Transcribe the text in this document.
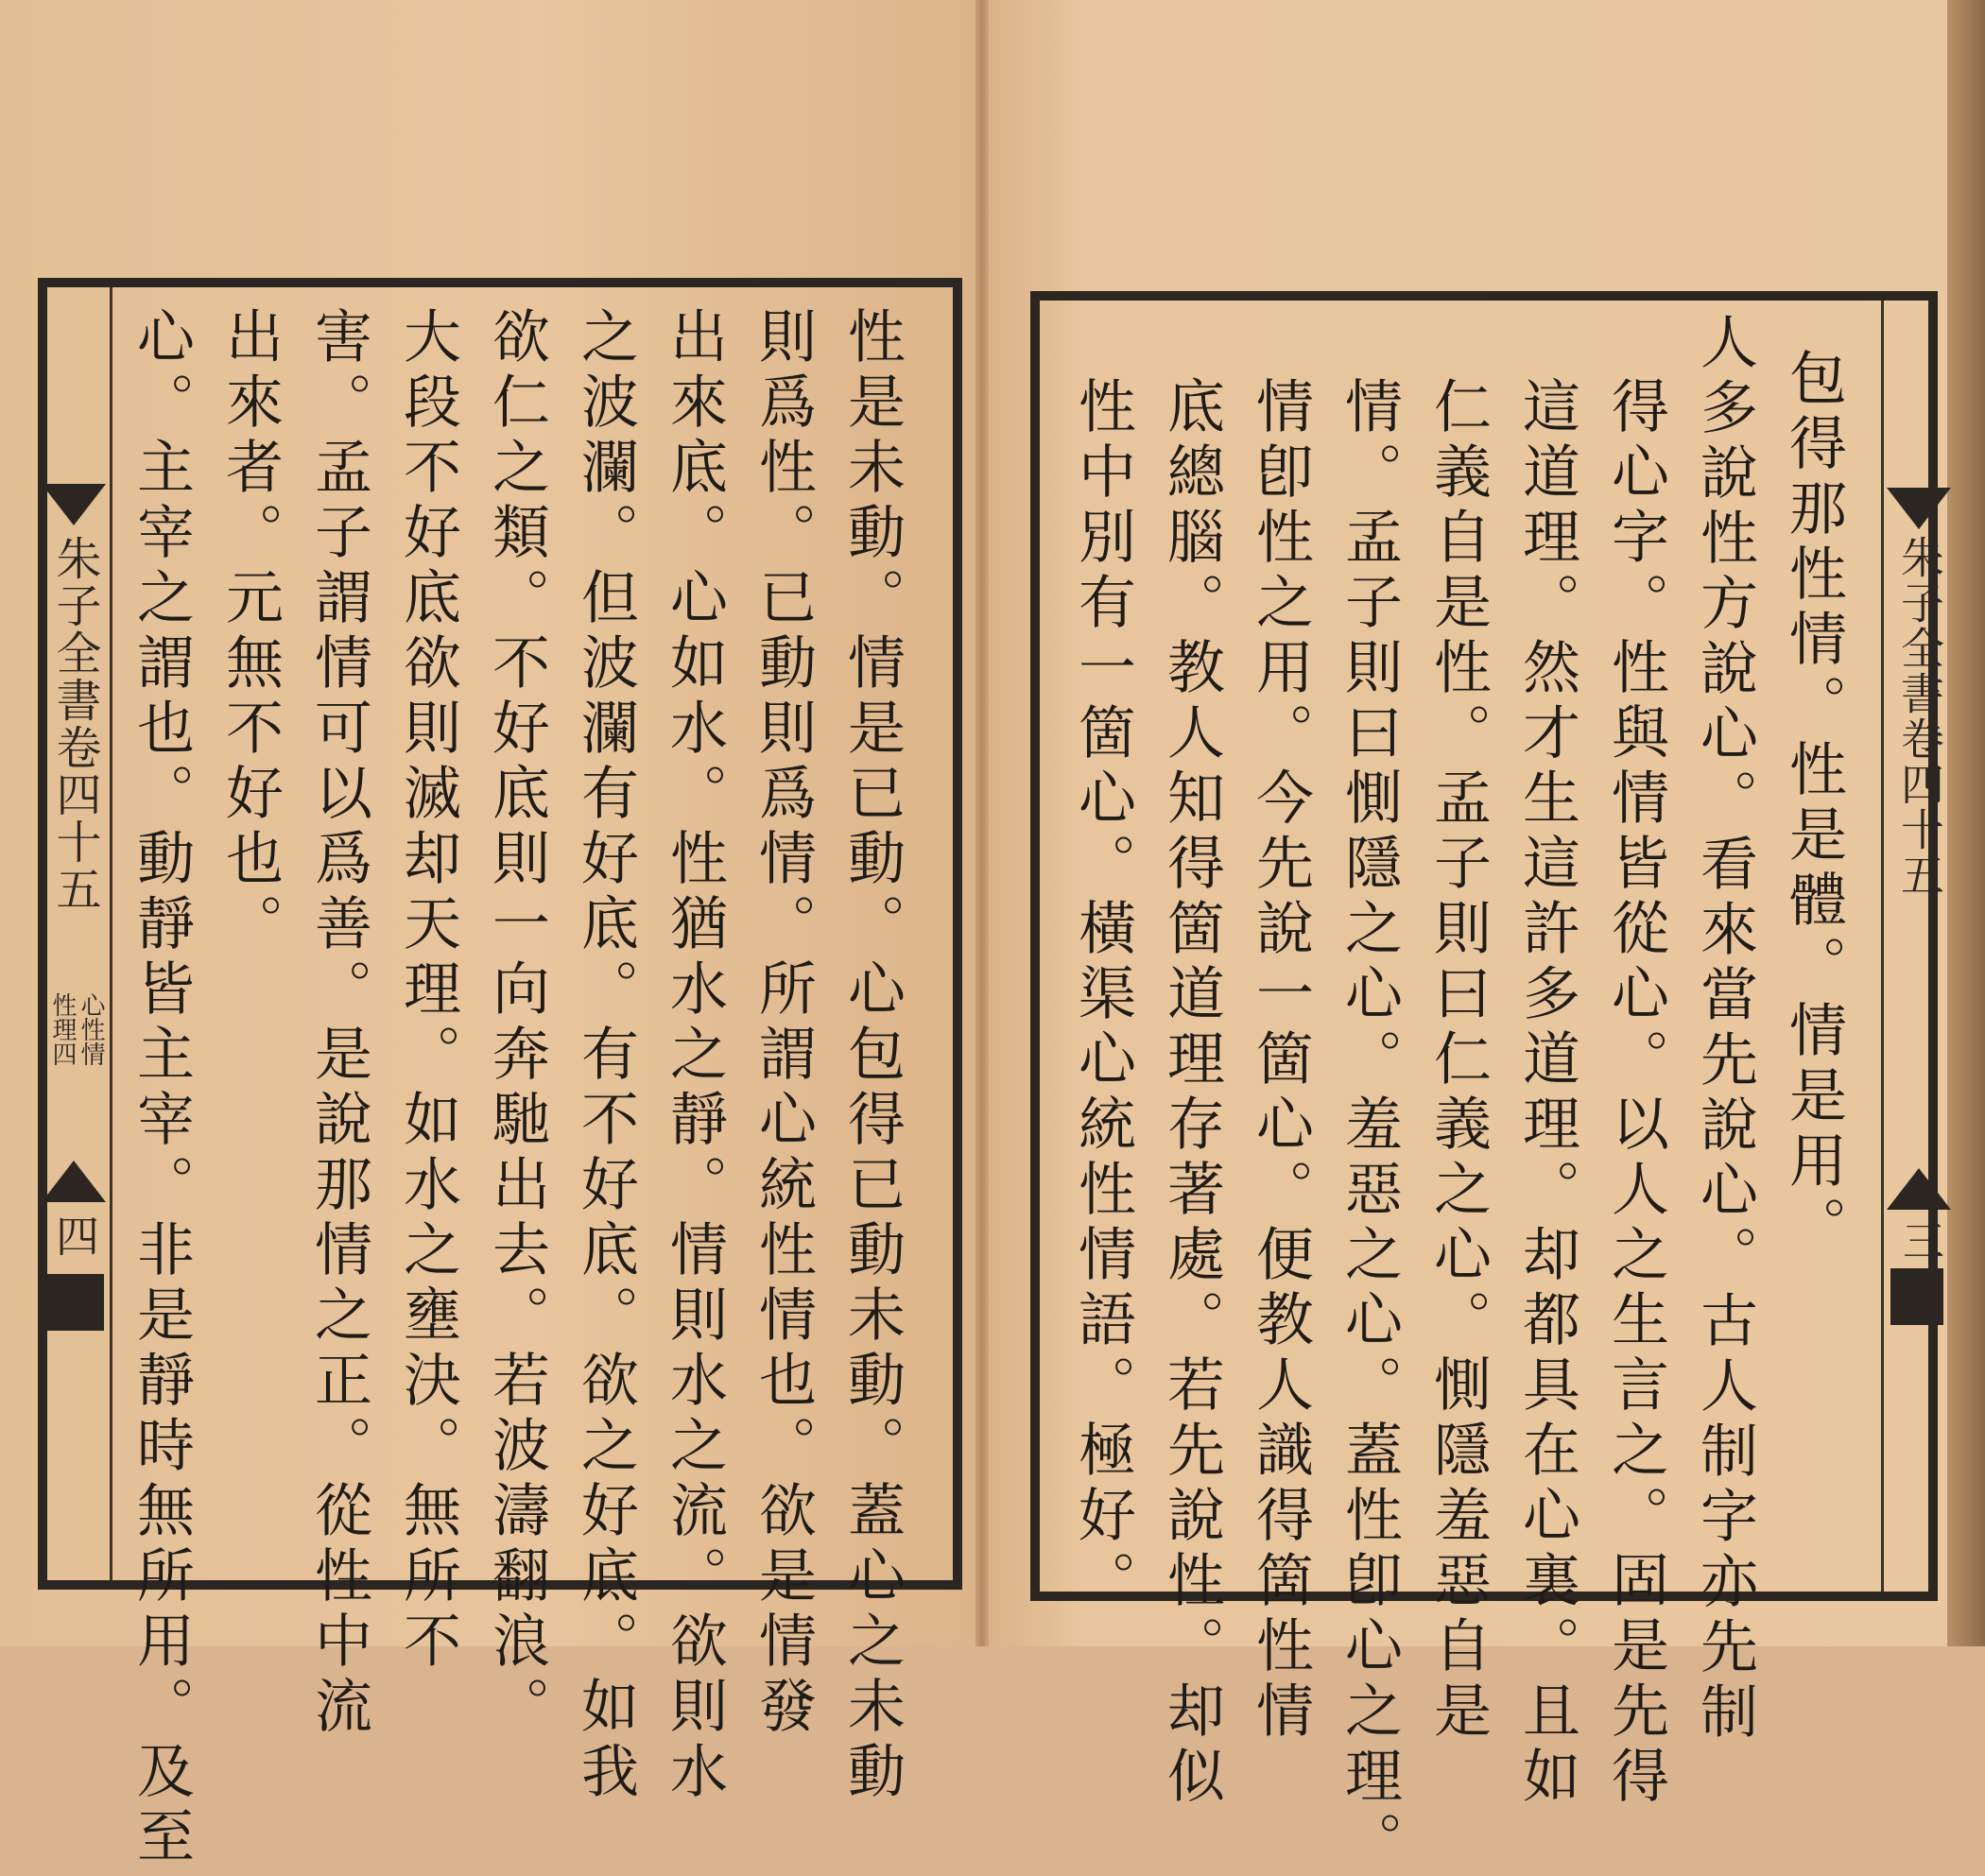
性是未動。情是已動。心包得已動未動。蓋心之未動
則爲性。已動則爲情。所謂心統性情也。欲是情發
出來底。心如水。性猶水之靜。情則水之流。欲則水
之波瀾。但波瀾有好底。有不好底。欲之好底。如我
欲仁之類。不好底則一向奔馳出去。若波濤翻浪。
大段不好底欲則滅却天理。如水之壅決。無所不
害。孟子謂情可以爲善。是說那情之正。從性中流
出來者。元無不好也。
心。主宰之謂也。動靜皆主宰。非是靜時無所用。及至
朱子全書卷四十五
性理四 心性情
四	包得那性情。性是體。情是用。
人多說性方說心。看來當先說心。古人制字亦先制
得心字。性與情皆從心。以人之生言之。固是先得
這道理。然才生這許多道理。却都具在心裏。且如
仁義自是性。孟子則曰仁義之心。惻隱羞惡自是
情。孟子則曰惻隱之心。羞惡之心。蓋性卽心之理。
情卽性之用。今先說一箇心。便教人識得箇性情
底總腦。教人知得箇道理存著處。若先說性。却似
性中別有一箇心。橫渠心統性情語。極好。	朱子全書卷四十五
三
